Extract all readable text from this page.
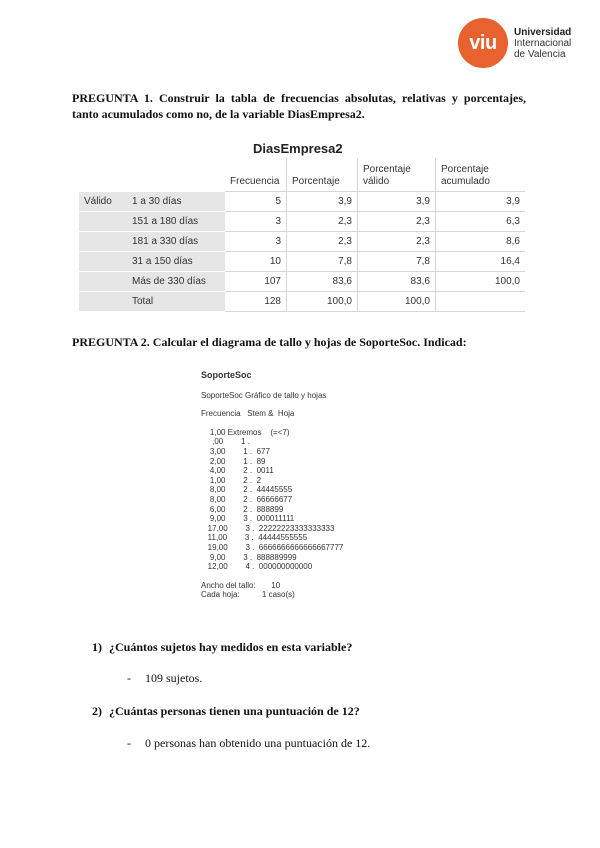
viu	Universidad
Internacional
de Valencia
PREGUNTA 1. Construir la tabla de frecuencias absolutas, relativas y porcentajes,
tanto acumulados como no, de la variable DiasEmpresa2.
DiasEmpresa2
		Frecuencia	Porcentaje	Porcentaje válido	Porcentaje acumulado
Válido	1 a 30 días	5	3,9	3,9	3,9
	151 a 180 días	3	2,3	2,3	6,3
	181 a 330 días	3	2,3	2,3	8,6
	31 a 150 días	10	7,8	7,8	16,4
	Más de 330 días	107	83,6	83,6	100,0
	Total	128	100,0	100,0	
PREGUNTA 2. Calcular el diagrama de tallo y hojas de SoporteSoc. Indicad:
SoporteSoc
SoporteSoc Gráfico de tallo y hojas
Frecuencia   Stem &  Hoja
1,00 Extremos    (=<7)
,00        1 .
3,00        1 .  677
2,00        1 .  89
4,00        2 .  0011
1,00        2 .  2
8,00        2 .  44445555
8,00        2 .  66666677
6,00        2 .  888899
9,00        3 .  000011111
17,00        3 .  22222223333333333
11,00        3 .  44444555555
19,00        3 .  6666666666666667777
9,00        3 .  888889999
12,00        4 .  000000000000
Ancho del tallo:       10
Cada hoja:          1 caso(s)
1) ¿Cuántos sujetos hay medidos en esta variable?
- 109 sujetos.
2) ¿Cuántas personas tienen una puntuación de 12?
- 0 personas han obtenido una puntuación de 12.
